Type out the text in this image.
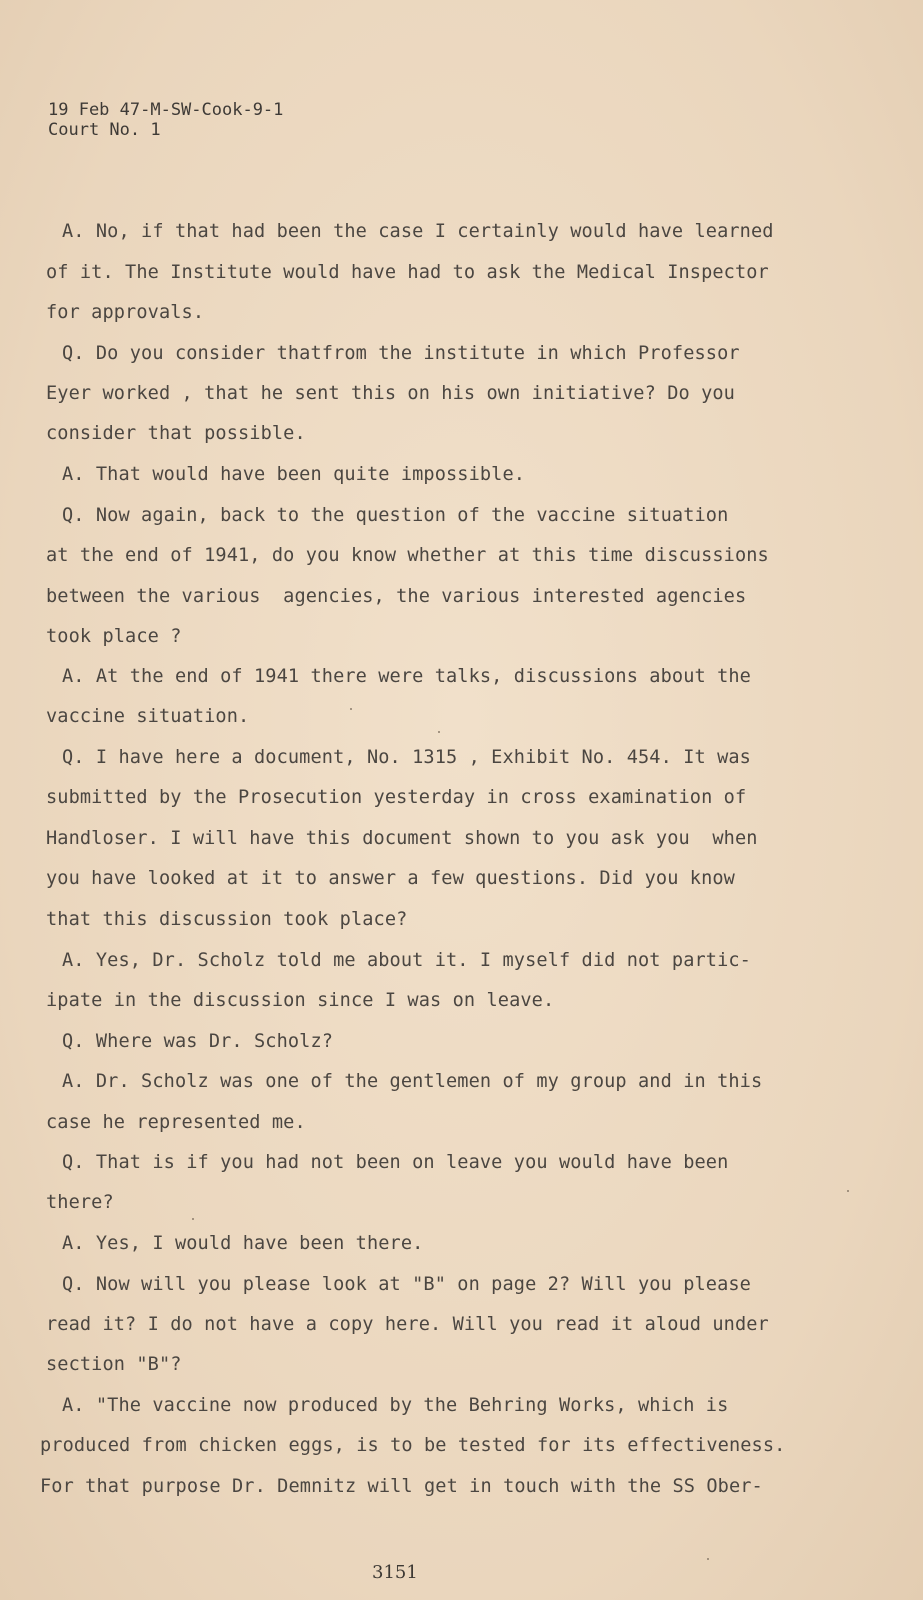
19 Feb 47-M-SW-Cook-9-1
Court No. 1
A. No, if that had been the case I certainly would have learned
of it. The Institute would have had to ask the Medical Inspector
for approvals.
Q. Do you consider thatfrom the institute in which Professor
Eyer worked , that he sent this on his own initiative? Do you
consider that possible.
A. That would have been quite impossible.
Q. Now again, back to the question of the vaccine situation
at the end of 1941, do you know whether at this time discussions
between the various  agencies, the various interested agencies
took place ?
A. At the end of 1941 there were talks, discussions about the
vaccine situation.
Q. I have here a document, No. 1315 , Exhibit No. 454. It was
submitted by the Prosecution yesterday in cross examination of
Handloser. I will have this document shown to you ask you  when
you have looked at it to answer a few questions. Did you know
that this discussion took place?
A. Yes, Dr. Scholz told me about it. I myself did not partic-
ipate in the discussion since I was on leave.
Q. Where was Dr. Scholz?
A. Dr. Scholz was one of the gentlemen of my group and in this
case he represented me.
Q. That is if you had not been on leave you would have been
there?
A. Yes, I would have been there.
Q. Now will you please look at "B" on page 2? Will you please
read it? I do not have a copy here. Will you read it aloud under
section "B"?
A. "The vaccine now produced by the Behring Works, which is
produced from chicken eggs, is to be tested for its effectiveness.
For that purpose Dr. Demnitz will get in touch with the SS Ober-
3151
